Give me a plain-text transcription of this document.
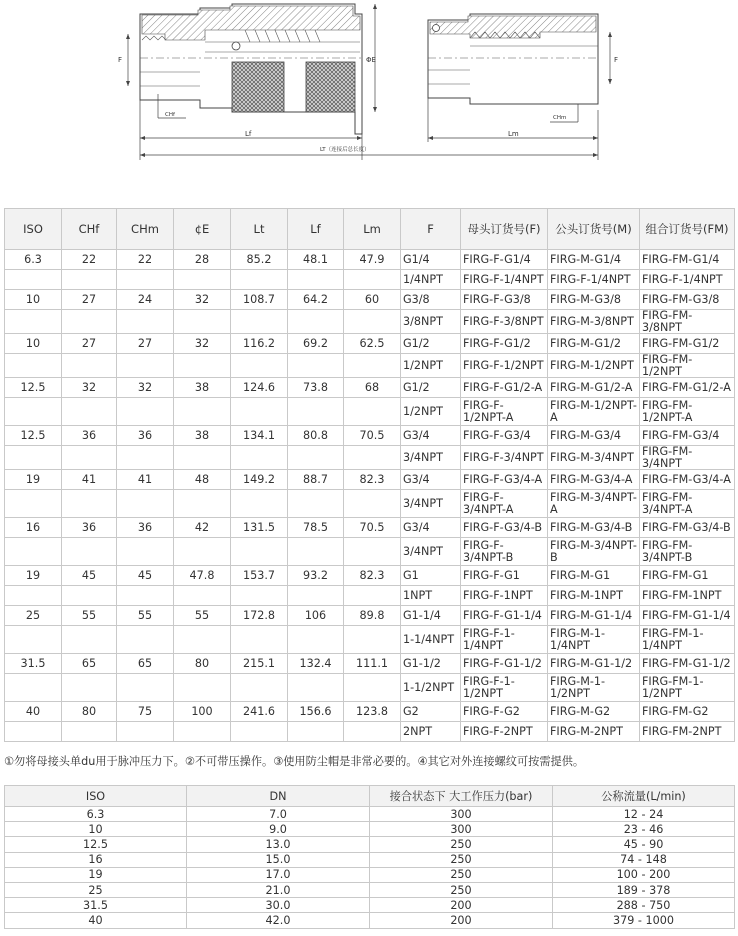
F
CHf
Lf
ΦE
LT（连接后总长度）
F
Lm
CHm
ISO	CHf	CHm	¢E	Lt	Lf	Lm	F	母头订货号(F)	公头订货号(M)	组合订货号(FM)
6.3	22	22	28	85.2	48.1	47.9	G1/4	FIRG-F-G1/4	FIRG-M-G1/4	FIRG-FM-G1/4
							1/4NPT	FIRG-F-1/4NPT	FIRG-F-1/4NPT	FIRG-F-1/4NPT
10	27	24	32	108.7	64.2	60	G3/8	FIRG-F-G3/8	FIRG-M-G3/8	FIRG-FM-G3/8
							3/8NPT	FIRG-F-3/8NPT	FIRG-M-3/8NPT	FIRG-FM-3/8NPT
10	27	27	32	116.2	69.2	62.5	G1/2	FIRG-F-G1/2	FIRG-M-G1/2	FIRG-FM-G1/2
							1/2NPT	FIRG-F-1/2NPT	FIRG-M-1/2NPT	FIRG-FM-1/2NPT
12.5	32	32	38	124.6	73.8	68	G1/2	FIRG-F-G1/2-A	FIRG-M-G1/2-A	FIRG-FM-G1/2-A
							1/2NPT	FIRG-F-1/2NPT-A	FIRG-M-1/2NPT-A	FIRG-FM-1/2NPT-A
12.5	36	36	38	134.1	80.8	70.5	G3/4	FIRG-F-G3/4	FIRG-M-G3/4	FIRG-FM-G3/4
							3/4NPT	FIRG-F-3/4NPT	FIRG-M-3/4NPT	FIRG-FM-3/4NPT
19	41	41	48	149.2	88.7	82.3	G3/4	FIRG-F-G3/4-A	FIRG-M-G3/4-A	FIRG-FM-G3/4-A
							3/4NPT	FIRG-F-3/4NPT-A	FIRG-M-3/4NPT-A	FIRG-FM-3/4NPT-A
16	36	36	42	131.5	78.5	70.5	G3/4	FIRG-F-G3/4-B	FIRG-M-G3/4-B	FIRG-FM-G3/4-B
							3/4NPT	FIRG-F-3/4NPT-B	FIRG-M-3/4NPT-B	FIRG-FM-3/4NPT-B
19	45	45	47.8	153.7	93.2	82.3	G1	FIRG-F-G1	FIRG-M-G1	FIRG-FM-G1
							1NPT	FIRG-F-1NPT	FIRG-M-1NPT	FIRG-FM-1NPT
25	55	55	55	172.8	106	89.8	G1-1/4	FIRG-F-G1-1/4	FIRG-M-G1-1/4	FIRG-FM-G1-1/4
							1-1/4NPT	FIRG-F-1-1/4NPT	FIRG-M-1-1/4NPT	FIRG-FM-1-1/4NPT
31.5	65	65	80	215.1	132.4	111.1	G1-1/2	FIRG-F-G1-1/2	FIRG-M-G1-1/2	FIRG-FM-G1-1/2
							1-1/2NPT	FIRG-F-1-1/2NPT	FIRG-M-1-1/2NPT	FIRG-FM-1-1/2NPT
40	80	75	100	241.6	156.6	123.8	G2	FIRG-F-G2	FIRG-M-G2	FIRG-FM-G2
							2NPT	FIRG-F-2NPT	FIRG-M-2NPT	FIRG-FM-2NPT
①勿将母接头单du用于脉冲压力下。②不可带压操作。③使用防尘帽是非常必要的。④其它对外连接螺纹可按需提供。
ISO	DN	接合状态下 大工作压力(bar)	公称流量(L/min)
6.3	7.0	300	12 - 24
10	9.0	300	23 - 46
12.5	13.0	250	45 - 90
16	15.0	250	74 - 148
19	17.0	250	100 - 200
25	21.0	250	189 - 378
31.5	30.0	200	288 - 750
40	42.0	200	379 - 1000
